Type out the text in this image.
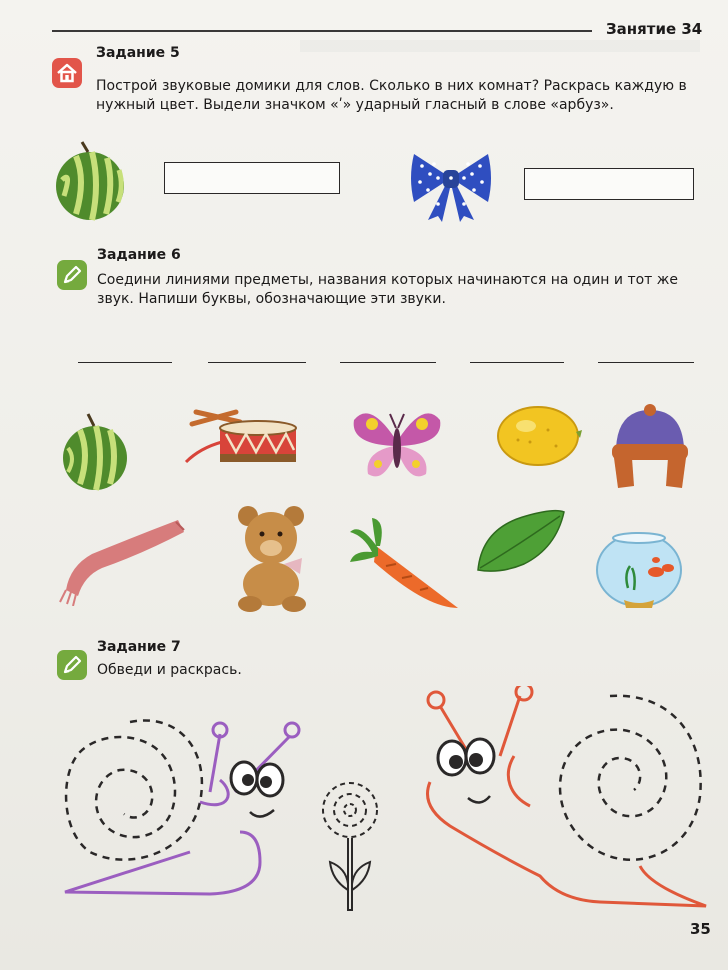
Занятие 34
Задание 5
Построй звуковые домики для слов. Сколько в них комнат? Раскрась каждую в
нужный цвет. Выдели значком «ʹ» ударный гласный в слове «арбуз».
Задание 6
Соедини линиями предметы, названия которых начинаются на один и тот же
звук. Напиши буквы, обозначающие эти звуки.
Задание 7
Обведи и раскрась.
35
